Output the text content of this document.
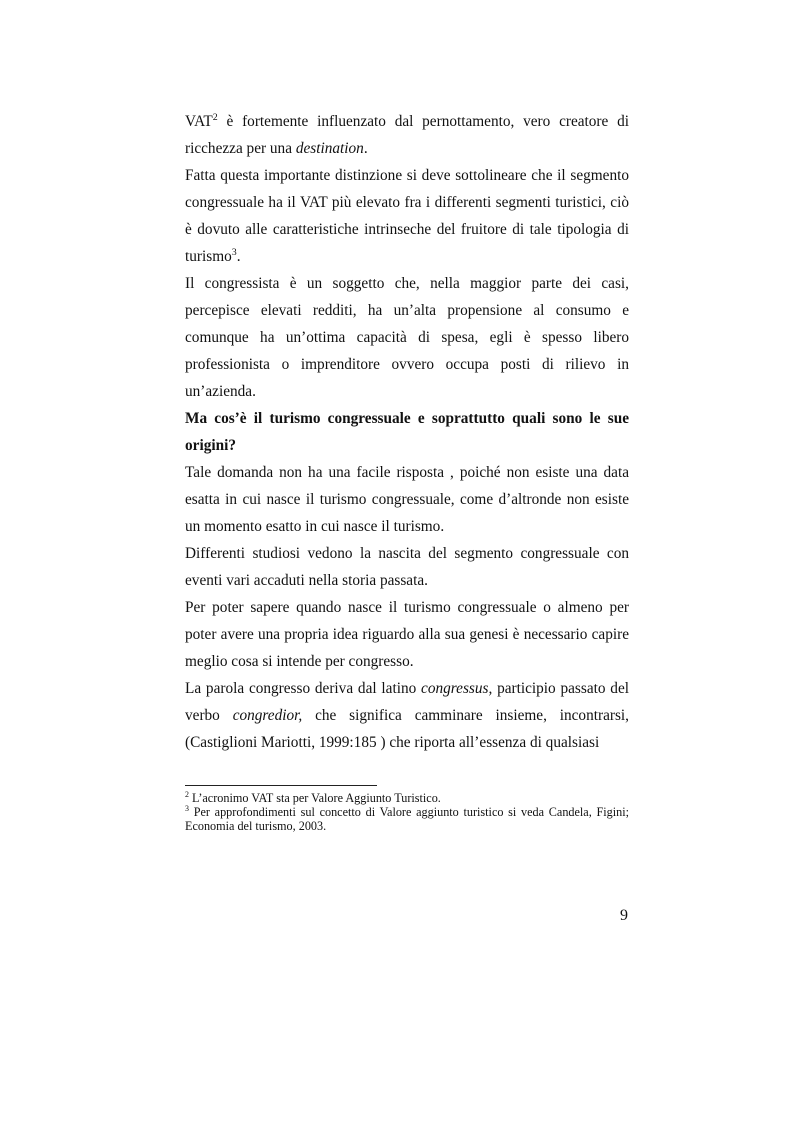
VAT$^2$ è fortemente influenzato dal pernottamento, vero creatore di ricchezza per una destination.

Fatta questa importante distinzione si deve sottolineare che il segmento congressuale ha il VAT più elevato fra i differenti segmenti turistici, ciò è dovuto alle caratteristiche intrinseche del fruitore di tale tipologia di turismo$^3$.

Il congressista è un soggetto che, nella maggior parte dei casi, percepisce elevati redditi, ha un’alta propensione al consumo e comunque ha un’ottima capacità di spesa, egli è spesso libero professionista o imprenditore ovvero occupa posti di rilievo in un’azienda.

Ma cos’è il turismo congressuale e soprattutto quali sono le sue origini?

Tale domanda non ha una facile risposta , poiché non esiste una data esatta in cui nasce il turismo congressuale, come d’altronde non esiste un momento esatto in cui nasce il turismo.

Differenti studiosi vedono la nascita del segmento congressuale con eventi vari accaduti nella storia passata.

Per poter sapere quando nasce il turismo congressuale o almeno per poter avere una propria idea riguardo alla sua genesi è necessario capire meglio cosa si intende per congresso.

La parola congresso deriva dal latino congressus, participio passato del verbo congredior, che significa camminare insieme, incontrarsi, (Castiglioni Mariotti, 1999:185 ) che riporta all’essenza di qualsiasi

$^2$ L’acronimo VAT sta per Valore Aggiunto Turistico.

$^3$ Per approfondimenti sul concetto di Valore aggiunto turistico si veda Candela, Figini; Economia del turismo, 2003.

9
